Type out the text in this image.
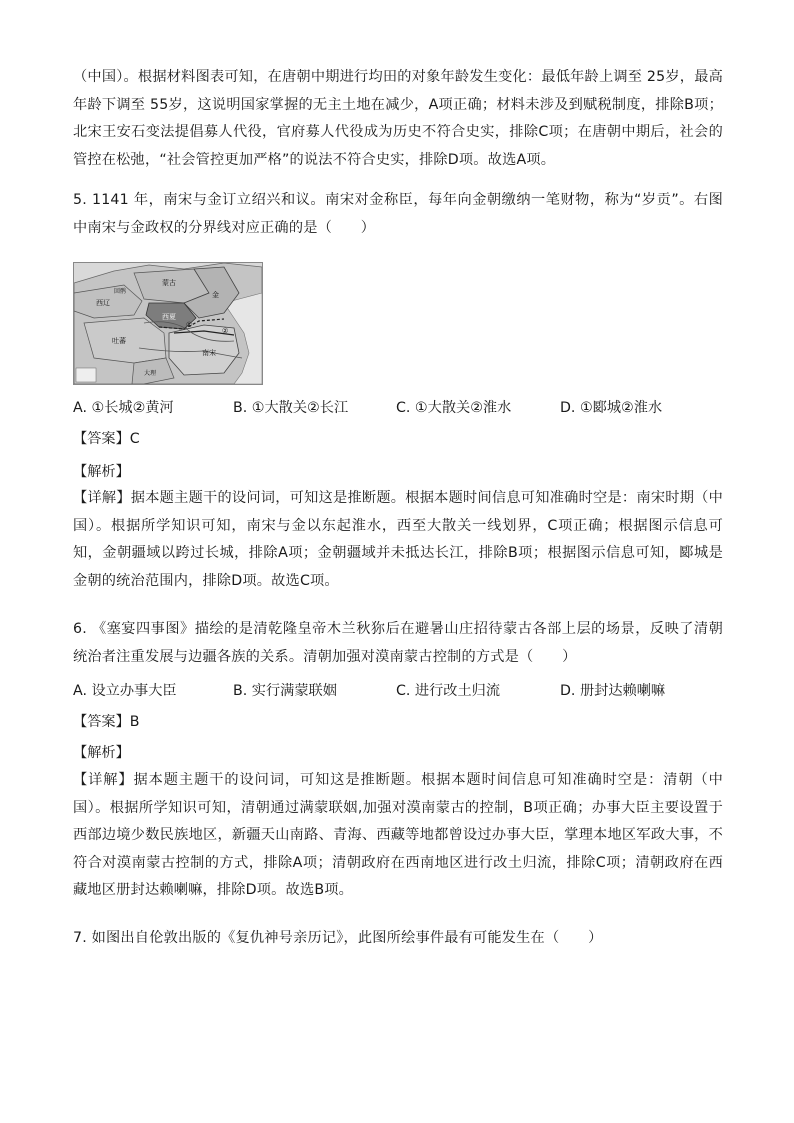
（中国）。根据材料图表可知，在唐朝中期进行均田的对象年龄发生变化：最低年龄上调至 25岁，最高年龄下调至 55岁，这说明国家掌握的无主土地在减少，A项正确；材料未涉及到赋税制度，排除B项；北宋王安石变法提倡募人代役，官府募人代役成为历史不符合史实，排除C项；在唐朝中期后，社会的管控在松弛，“社会管控更加严格”的说法不符合史实，排除D项。故选A项。

5. 1141 年，南宋与金订立绍兴和议。南宋对金称臣，每年向金朝缴纳一笔财物，称为“岁贡”。右图中南宋与金政权的分界线对应正确的是（　　）

西辽
西夏
金
南宋
吐蕃
回鹘
蒙古
大理
①
②
A. ①长城②黄河	B. ①大散关②长江	C. ①大散关②淮水	D. ①郾城②淮水

【答案】C

【解析】

【详解】据本题主题干的设问词，可知这是推断题。根据本题时间信息可知准确时空是：南宋时期（中国）。根据所学知识可知，南宋与金以东起淮水，西至大散关一线划界，C项正确；根据图示信息可知，金朝疆域以跨过长城，排除A项；金朝疆域并未抵达长江，排除B项；根据图示信息可知，郾城是金朝的统治范围内，排除D项。故选C项。

6. 《塞宴四事图》描绘的是清乾隆皇帝木兰秋狝后在避暑山庄招待蒙古各部上层的场景，反映了清朝统治者注重发展与边疆各族的关系。清朝加强对漠南蒙古控制的方式是（　　）

A. 设立办事大臣	B. 实行满蒙联姻	C. 进行改土归流	D. 册封达赖喇嘛

【答案】B

【解析】

【详解】据本题主题干的设问词，可知这是推断题。根据本题时间信息可知准确时空是：清朝（中国）。根据所学知识可知，清朝通过满蒙联姻,加强对漠南蒙古的控制，B项正确；办事大臣主要设置于西部边境少数民族地区，新疆天山南路、青海、西藏等地都曾设过办事大臣，掌理本地区军政大事，不符合对漠南蒙古控制的方式，排除A项；清朝政府在西南地区进行改土归流，排除C项；清朝政府在西藏地区册封达赖喇嘛，排除D项。故选B项。

7. 如图出自伦敦出版的《复仇神号亲历记》，此图所绘事件最有可能发生在（　　）
